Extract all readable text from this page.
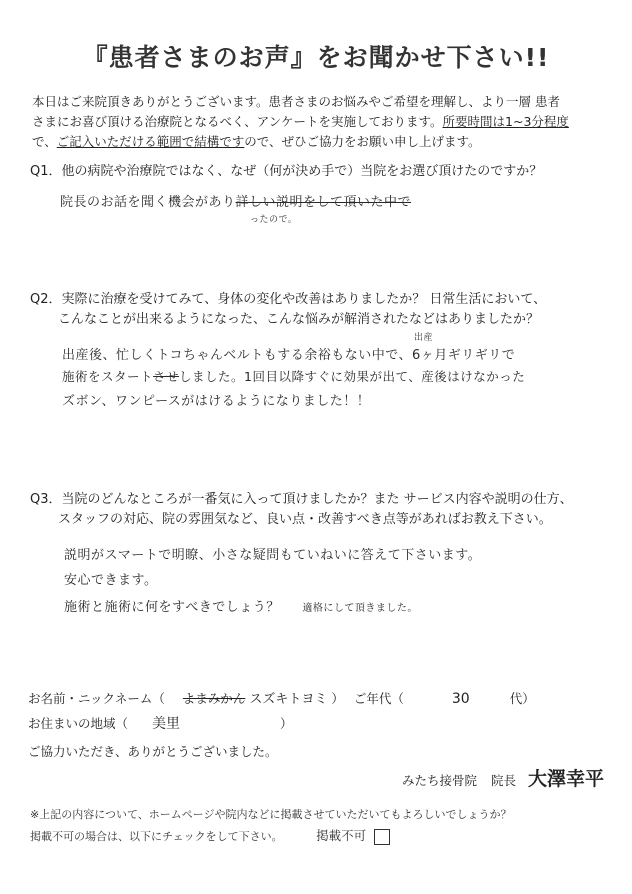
『患者さまのお声』をお聞かせ下さい!!

本日はご来院頂きありがとうございます。患者さまのお悩みやご希望を理解し、より一層 患者

さまにお喜び頂ける治療院となるべく、アンケートを実施しております。所要時間は1~3分程度

で、ご記入いただける範囲で結構ですので、ぜひご協力をお願い申し上げます。

Q1．他の病院や治療院ではなく、なぜ（何が決め手で）当院をお選び頂けたのですか？

院長のお話を聞く機会があり詳しい説明をして頂いた中で
ったので。

Q2．実際に治療を受けてみて、身体の変化や改善はありましたか？ 日常生活において、

こんなことが出来るようになった、こんな悩みが解消されたなどはありましたか？

出産
出産後、忙しくトコちゃんベルトもする余裕もない中で、6ヶ月ギリギリで
施術をスタートさせしました。1回目以降すぐに効果が出て、産後はけなかった
ズボン、ワンピースがはけるようになりました！！

Q3．当院のどんなところが一番気に入って頂けましたか？また サービス内容や説明の仕方、

スタッフの対応、院の雰囲気など、良い点・改善すべき点等があればお教え下さい。

説明がスマートで明瞭、小さな疑問もていねいに答えて下さいます。
安心できます。
施術と施術に何をすべきでしょう？ 適格にして頂きました。
お名前・ニックネーム（ よまみかん スズキトヨミ ） ご年代（	30	代）
お住まいの地域（ 美里	）
ご協力いただき、ありがとうございました。
みたち接骨院 院長 大澤幸平
※上記の内容について、ホームページや院内などに掲載させていただいてもよろしいでしょうか？
掲載不可の場合は、以下にチェックをして下さい。	掲載不可
